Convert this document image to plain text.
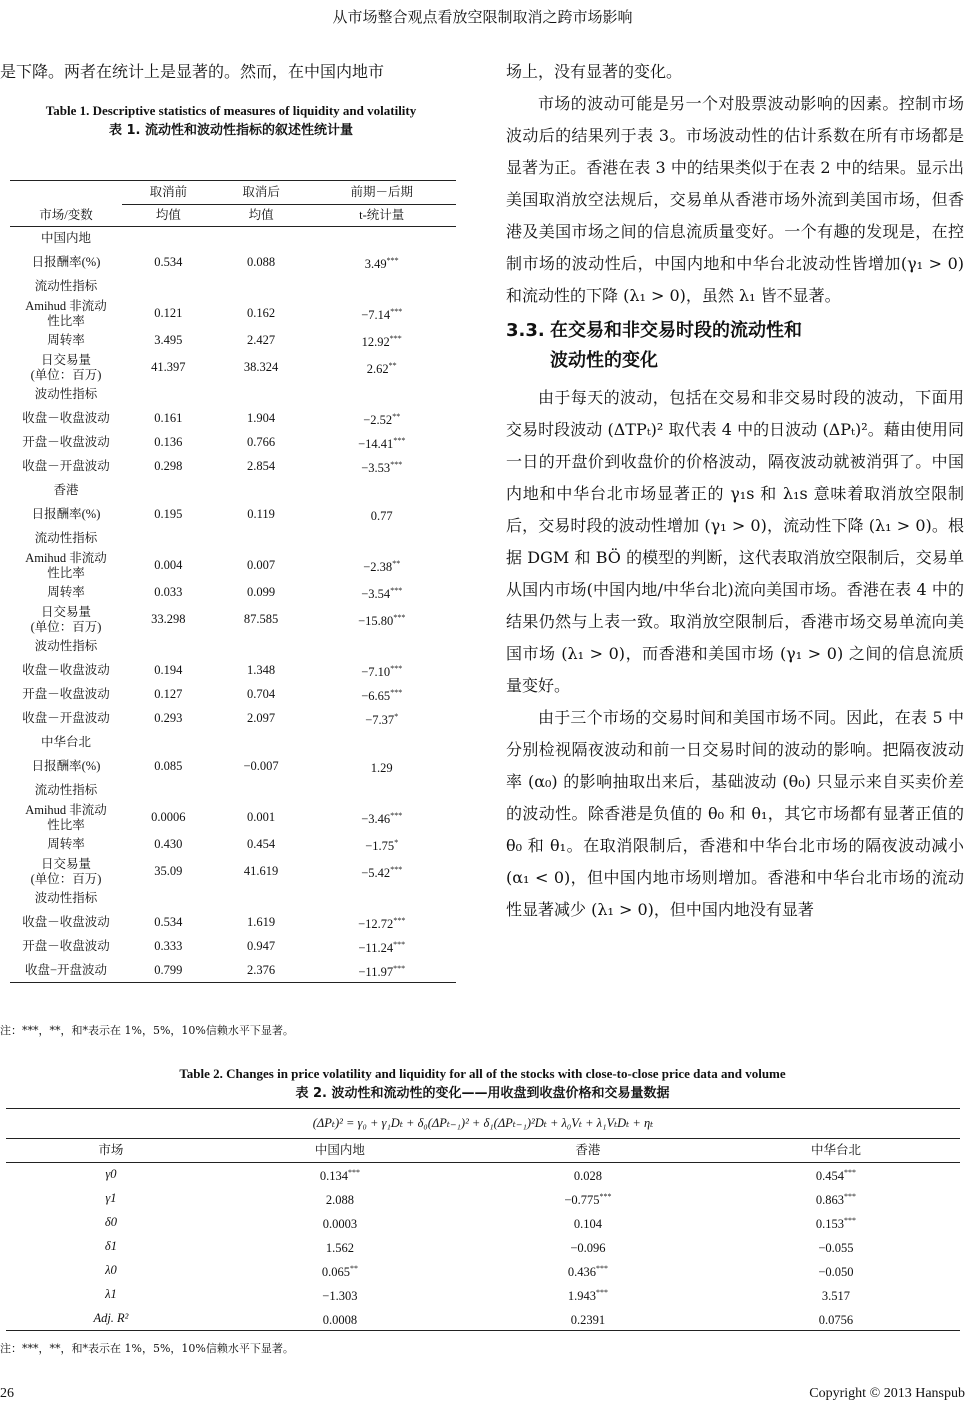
从市场整合观点看放空限制取消之跨市场影响

是下降。两者在统计上是显著的。然而，在中国内地市

Table 1. Descriptive statistics of measures of liquidity and volatility
表 1. 流动性和波动性指标的叙述性统计量
	取消前	取消后	前期－后期
市场/变数	均值	均值	t-统计量
中国内地			
日报酬率(%)	0.534	0.088	3.49***
流动性指标			
Amihud 非流动
性比率	0.121	0.162	−7.14***
周转率	3.495	2.427	12.92***
日交易量
(单位：百万)	41.397	38.324	2.62**
波动性指标			
收盘－收盘波动	0.161	1.904	−2.52**
开盘－收盘波动	0.136	0.766	−14.41***
收盘－开盘波动	0.298	2.854	−3.53***
香港			
日报酬率(%)	0.195	0.119	0.77
流动性指标			
Amihud 非流动
性比率	0.004	0.007	−2.38**
周转率	0.033	0.099	−3.54***
日交易量
(单位：百万)	33.298	87.585	−15.80***
波动性指标			
收盘－收盘波动	0.194	1.348	−7.10***
开盘－收盘波动	0.127	0.704	−6.65***
收盘－开盘波动	0.293	2.097	−7.37*
中华台北			
日报酬率(%)	0.085	−0.007	1.29
流动性指标			
Amihud 非流动
性比率	0.0006	0.001	−3.46***
周转率	0.430	0.454	−1.75*
日交易量
(单位：百万)	35.09	41.619	−5.42***
波动性指标			
收盘－收盘波动	0.534	1.619	−12.72***
开盘－收盘波动	0.333	0.947	−11.24***
收盘−开盘波动	0.799	2.376	−11.97***
注：***，**，和*表示在 1%，5%，10%信赖水平下显著。

场上，没有显著的变化。

市场的波动可能是另一个对股票波动影响的因素。控制市场波动后的结果列于表 3。市场波动性的估计系数在所有市场都是显著为正。香港在表 3 中的结果类似于在表 2 中的结果。显示出美国取消放空法规后，交易单从香港市场外流到美国市场，但香港及美国市场之间的信息流质量变好。一个有趣的发现是，在控制市场的波动性后，中国内地和中华台北波动性皆增加(γ₁ > 0) 和流动性的下降 (λ₁ > 0)，虽然 λ₁ 皆不显著。

3.3. 在交易和非交易时段的流动性和
波动性的变化

由于每天的波动，包括在交易和非交易时段的波动，下面用交易时段波动 (ΔTPₜ)² 取代表 4 中的日波动 (ΔPₜ)²。藉由使用同一日的开盘价到收盘价的价格波动，隔夜波动就被消弭了。中国内地和中华台北市场显著正的 γ₁s 和 λ₁s 意味着取消放空限制后，交易时段的波动性增加 (γ₁ > 0)，流动性下降 (λ₁ > 0)。根据 DGM 和 BÖ 的模型的判断，这代表取消放空限制后，交易单从国内市场(中国内地/中华台北)流向美国市场。香港在表 4 中的结果仍然与上表一致。取消放空限制后，香港市场交易单流向美国市场 (λ₁ > 0)，而香港和美国市场 (γ₁ > 0) 之间的信息流质量变好。

由于三个市场的交易时间和美国市场不同。因此，在表 5 中分别检视隔夜波动和前一日交易时间的波动的影响。把隔夜波动率 (α₀) 的影响抽取出来后，基础波动 (θ₀) 只显示来自买卖价差的波动性。除香港是负值的 θ₀ 和 θ₁，其它市场都有显著正值的 θ₀ 和 θ₁。在取消限制后，香港和中华台北市场的隔夜波动减小 (α₁ < 0)，但中国内地市场则增加。香港和中华台北市场的流动性显著减少 (λ₁ > 0)，但中国内地没有显著

Table 2. Changes in price volatility and liquidity for all of the stocks with close-to-close price data and volume
表 2. 波动性和流动性的变化——用收盘到收盘价格和交易量数据
(ΔPₜ)² = γ₀ + γ₁Dₜ + δ₀(ΔPₜ₋₁)² + δ₁(ΔPₜ₋₁)²Dₜ + λ₀Vₜ + λ₁VₜDₜ + ηₜ			
市场	中国内地	香港	中华台北
γ0	0.134***	0.028	0.454***
γ1	2.088	−0.775***	0.863***
δ0	0.0003	0.104	0.153***
δ1	1.562	−0.096	−0.055
λ0	0.065**	0.436***	−0.050
λ1	−1.303	1.943***	3.517
Adj. R²	0.0008	0.2391	0.0756
注：***，**，和*表示在 1%，5%，10%信赖水平下显著。
26	Copyright © 2013 Hanspub
